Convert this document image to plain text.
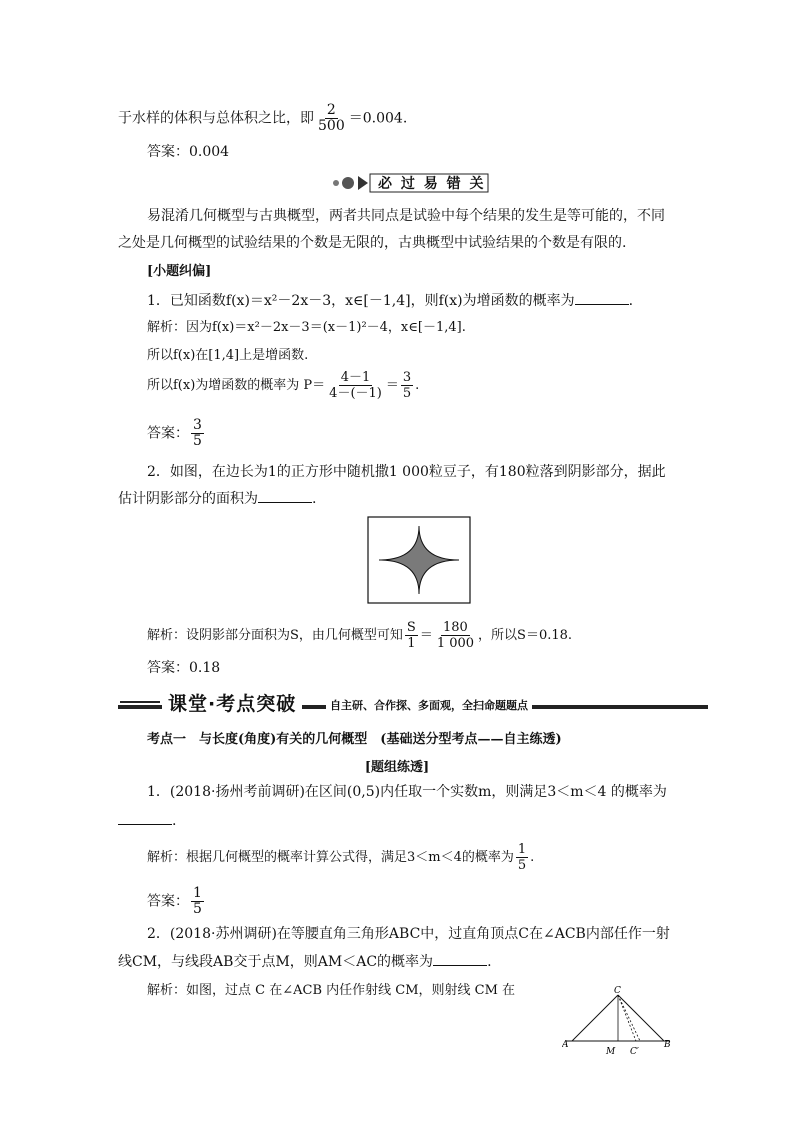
于水样的体积与总体积之比，即 $\frac{2}{500} =0.004$.
答案：0.004
必 过 易 错 关
易混淆几何概型与古典概型，两者共同点是试验中每个结果的发生是等可能的，不同
之处是几何概型的试验结果的个数是无限的，古典概型中试验结果的个数是有限的.
[小题纠偏]
1．已知函数f(x)＝x²－2x－3，x∈[－1,4]，则f(x)为增函数的概率为	.
解析：因为f(x)＝x²－2x－3＝(x－1)²－4，x∈[－1,4].
所以f(x)在[1,4]上是增函数.
所以f(x)为增函数的概率为 $P= \frac{4-1}{4-(-1)} = \frac{3}{5}$ .
答案： $\frac{3}{5}$
2．如图，在边长为1的正方形中随机撒1 000粒豆子，有180粒落到阴影部分，据此
估计阴影部分的面积为	.
解析：设阴影部分面积为S，由几何概型可知 $\frac{S}{1} = \frac{180}{1 000}$ ，所以S＝0.18.
答案：0.18
课堂·考点突破	自主研、合作探、多面观，全扫命题题点
考点一　与长度(角度)有关的几何概型　(基础送分型考点——自主练透)
[题组练透]
1．(2018·扬州考前调研)在区间(0,5)内任取一个实数m，则满足3＜m＜4 的概率为
.
解析：根据几何概型的概率计算公式得，满足3＜m＜4的概率为 $\frac{1}{5}$ .
答案： $\frac{1}{5}$
2．(2018·苏州调研)在等腰直角三角形ABC中，过直角顶点C在∠ACB内部任作一射
线CM，与线段AB交于点M，则AM＜AC的概率为	.
解析：如图，过点 C 在∠ACB 内任作射线 CM，则射线 CM 在
A	B
C
M C′
